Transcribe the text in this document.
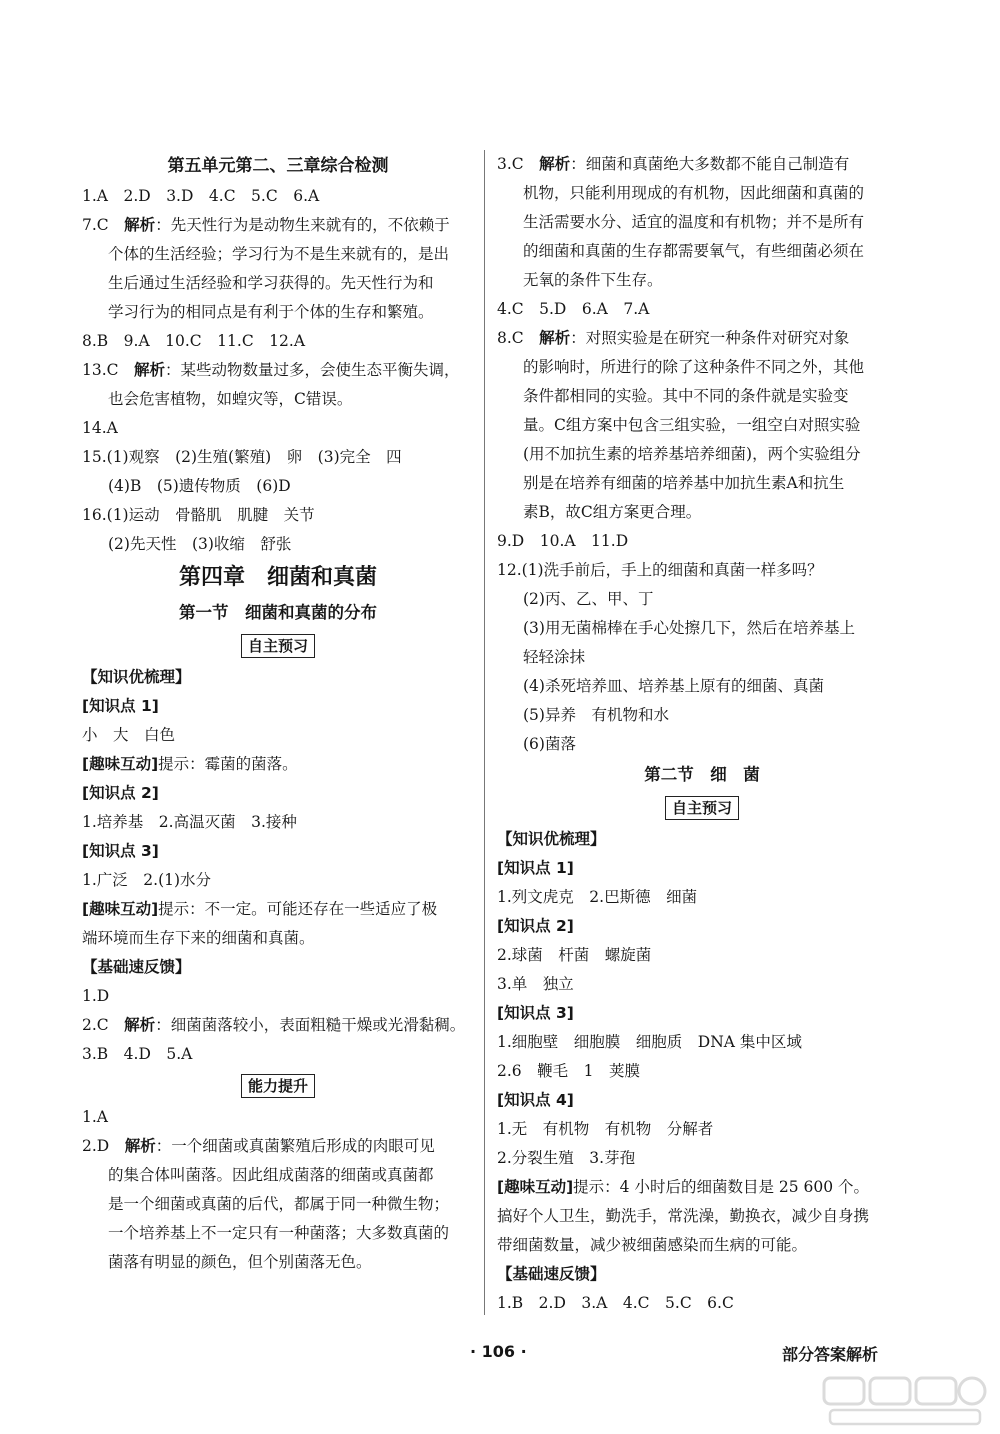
第五单元第二、三章综合检测
1.A　2.D　3.D　4.C　5.C　6.A
7.C　 解析：先天性行为是动物生来就有的，不依赖于
个体的生活经验；学习行为不是生来就有的，是出
生后通过生活经验和学习获得的。先天性行为和
学习行为的相同点是有利于个体的生存和繁殖。
8.B　9.A　10.C　11.C　12.A
13.C　 解析：某些动物数量过多，会使生态平衡失调，
也会危害植物，如蝗灾等，C错误。
14.A
15.(1)观察　(2)生殖(繁殖)　卵　(3)完全　四
(4)B　(5)遗传物质　(6)D
16.(1)运动　骨骼肌　肌腱　关节
(2)先天性　(3)收缩　舒张
第四章　细菌和真菌
第一节　细菌和真菌的分布
自主预习
【知识优梳理】
[知识点 1]
小　大　白色
[趣味互动]提示：霉菌的菌落。
[知识点 2]
1.培养基　2.高温灭菌　3.接种
[知识点 3]
1.广泛　2.(1)水分
[趣味互动]提示：不一定。可能还存在一些适应了极
端环境而生存下来的细菌和真菌。
【基础速反馈】
1.D
2.C　 解析：细菌菌落较小，表面粗糙干燥或光滑黏稠。
3.B　4.D　5.A
能力提升
1.A
2.D　 解析：一个细菌或真菌繁殖后形成的肉眼可见
的集合体叫菌落。因此组成菌落的细菌或真菌都
是一个细菌或真菌的后代，都属于同一种微生物；
一个培养基上不一定只有一种菌落；大多数真菌的
菌落有明显的颜色，但个别菌落无色。
3.C　 解析：细菌和真菌绝大多数都不能自己制造有
机物，只能利用现成的有机物，因此细菌和真菌的
生活需要水分、适宜的温度和有机物；并不是所有
的细菌和真菌的生存都需要氧气，有些细菌必须在
无氧的条件下生存。
4.C　5.D　6.A　7.A
8.C　 解析：对照实验是在研究一种条件对研究对象
的影响时，所进行的除了这种条件不同之外，其他
条件都相同的实验。其中不同的条件就是实验变
量。C组方案中包含三组实验，一组空白对照实验
(用不加抗生素的培养基培养细菌)，两个实验组分
别是在培养有细菌的培养基中加抗生素A和抗生
素B，故C组方案更合理。
9.D　10.A　11.D
12.(1)洗手前后，手上的细菌和真菌一样多吗？
(2)丙、乙、甲、丁
(3)用无菌棉棒在手心处擦几下，然后在培养基上
轻轻涂抹
(4)杀死培养皿、培养基上原有的细菌、真菌
(5)异养　有机物和水
(6)菌落
第二节　细　菌
自主预习
【知识优梳理】
[知识点 1]
1.列文虎克　2.巴斯德　细菌
[知识点 2]
2.球菌　杆菌　螺旋菌
3.单　独立
[知识点 3]
1.细胞壁　细胞膜　细胞质　DNA 集中区域
2.6　鞭毛　1　荚膜
[知识点 4]
1.无　有机物　有机物　分解者
2.分裂生殖　3.芽孢
[趣味互动]提示：4 小时后的细菌数目是 25 600 个。
搞好个人卫生，勤洗手，常洗澡，勤换衣，减少自身携
带细菌数量，减少被细菌感染而生病的可能。
【基础速反馈】
1.B　2.D　3.A　4.C　5.C　6.C
· 106 ·	部分答案解析
